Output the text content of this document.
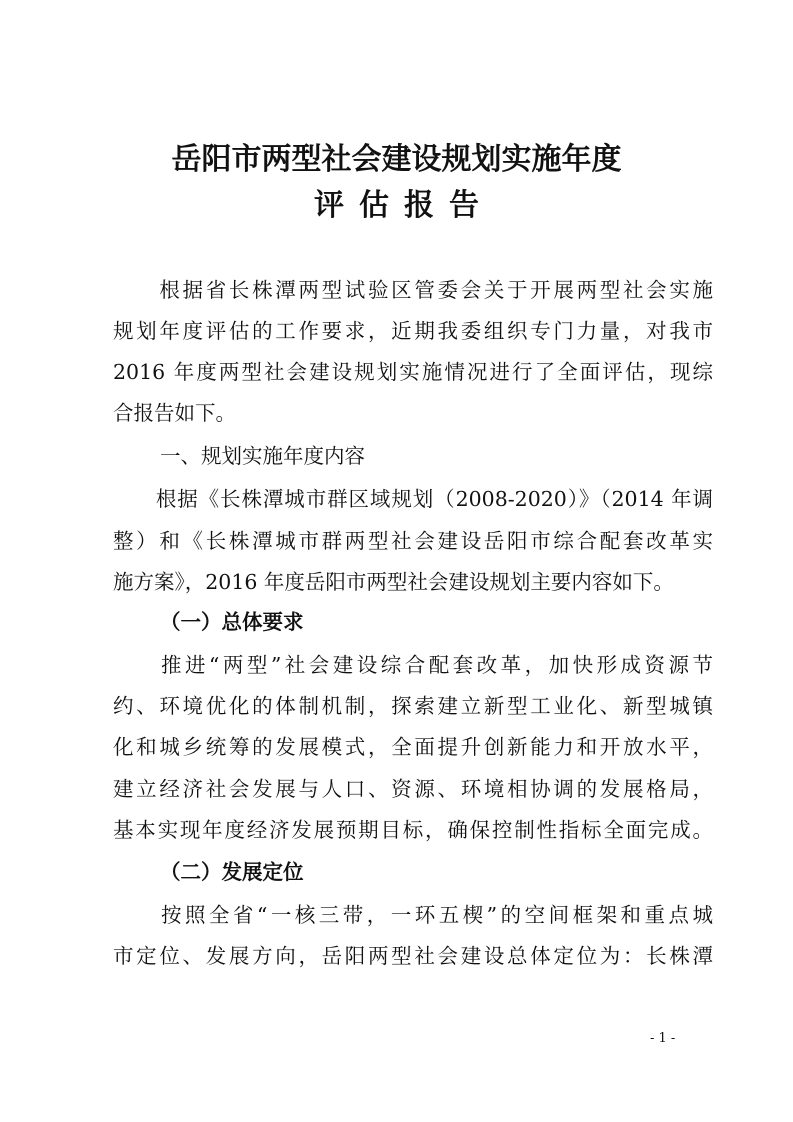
岳阳市两型社会建设规划实施年度
评估报告
　　根据省长株潭两型试验区管委会关于开展两型社会实施
规划年度评估的工作要求，近期我委组织专门力量，对我市
2016 年度两型社会建设规划实施情况进行了全面评估，现综
合报告如下。
一、规划实施年度内容
　　根据《长株潭城市群区域规划（2008-2020）》（2014 年调
整）和《长株潭城市群两型社会建设岳阳市综合配套改革实
施方案》，2016 年度岳阳市两型社会建设规划主要内容如下。
（一）总体要求
　　推进“两型”社会建设综合配套改革，加快形成资源节
约、环境优化的体制机制，探索建立新型工业化、新型城镇
化和城乡统筹的发展模式，全面提升创新能力和开放水平，
建立经济社会发展与人口、资源、环境相协调的发展格局，
基本实现年度经济发展预期目标，确保控制性指标全面完成。
（二）发展定位
　　按照全省“一核三带，一环五楔”的空间框架和重点城
市定位、发展方向，岳阳两型社会建设总体定位为：长株潭
- 1 -
